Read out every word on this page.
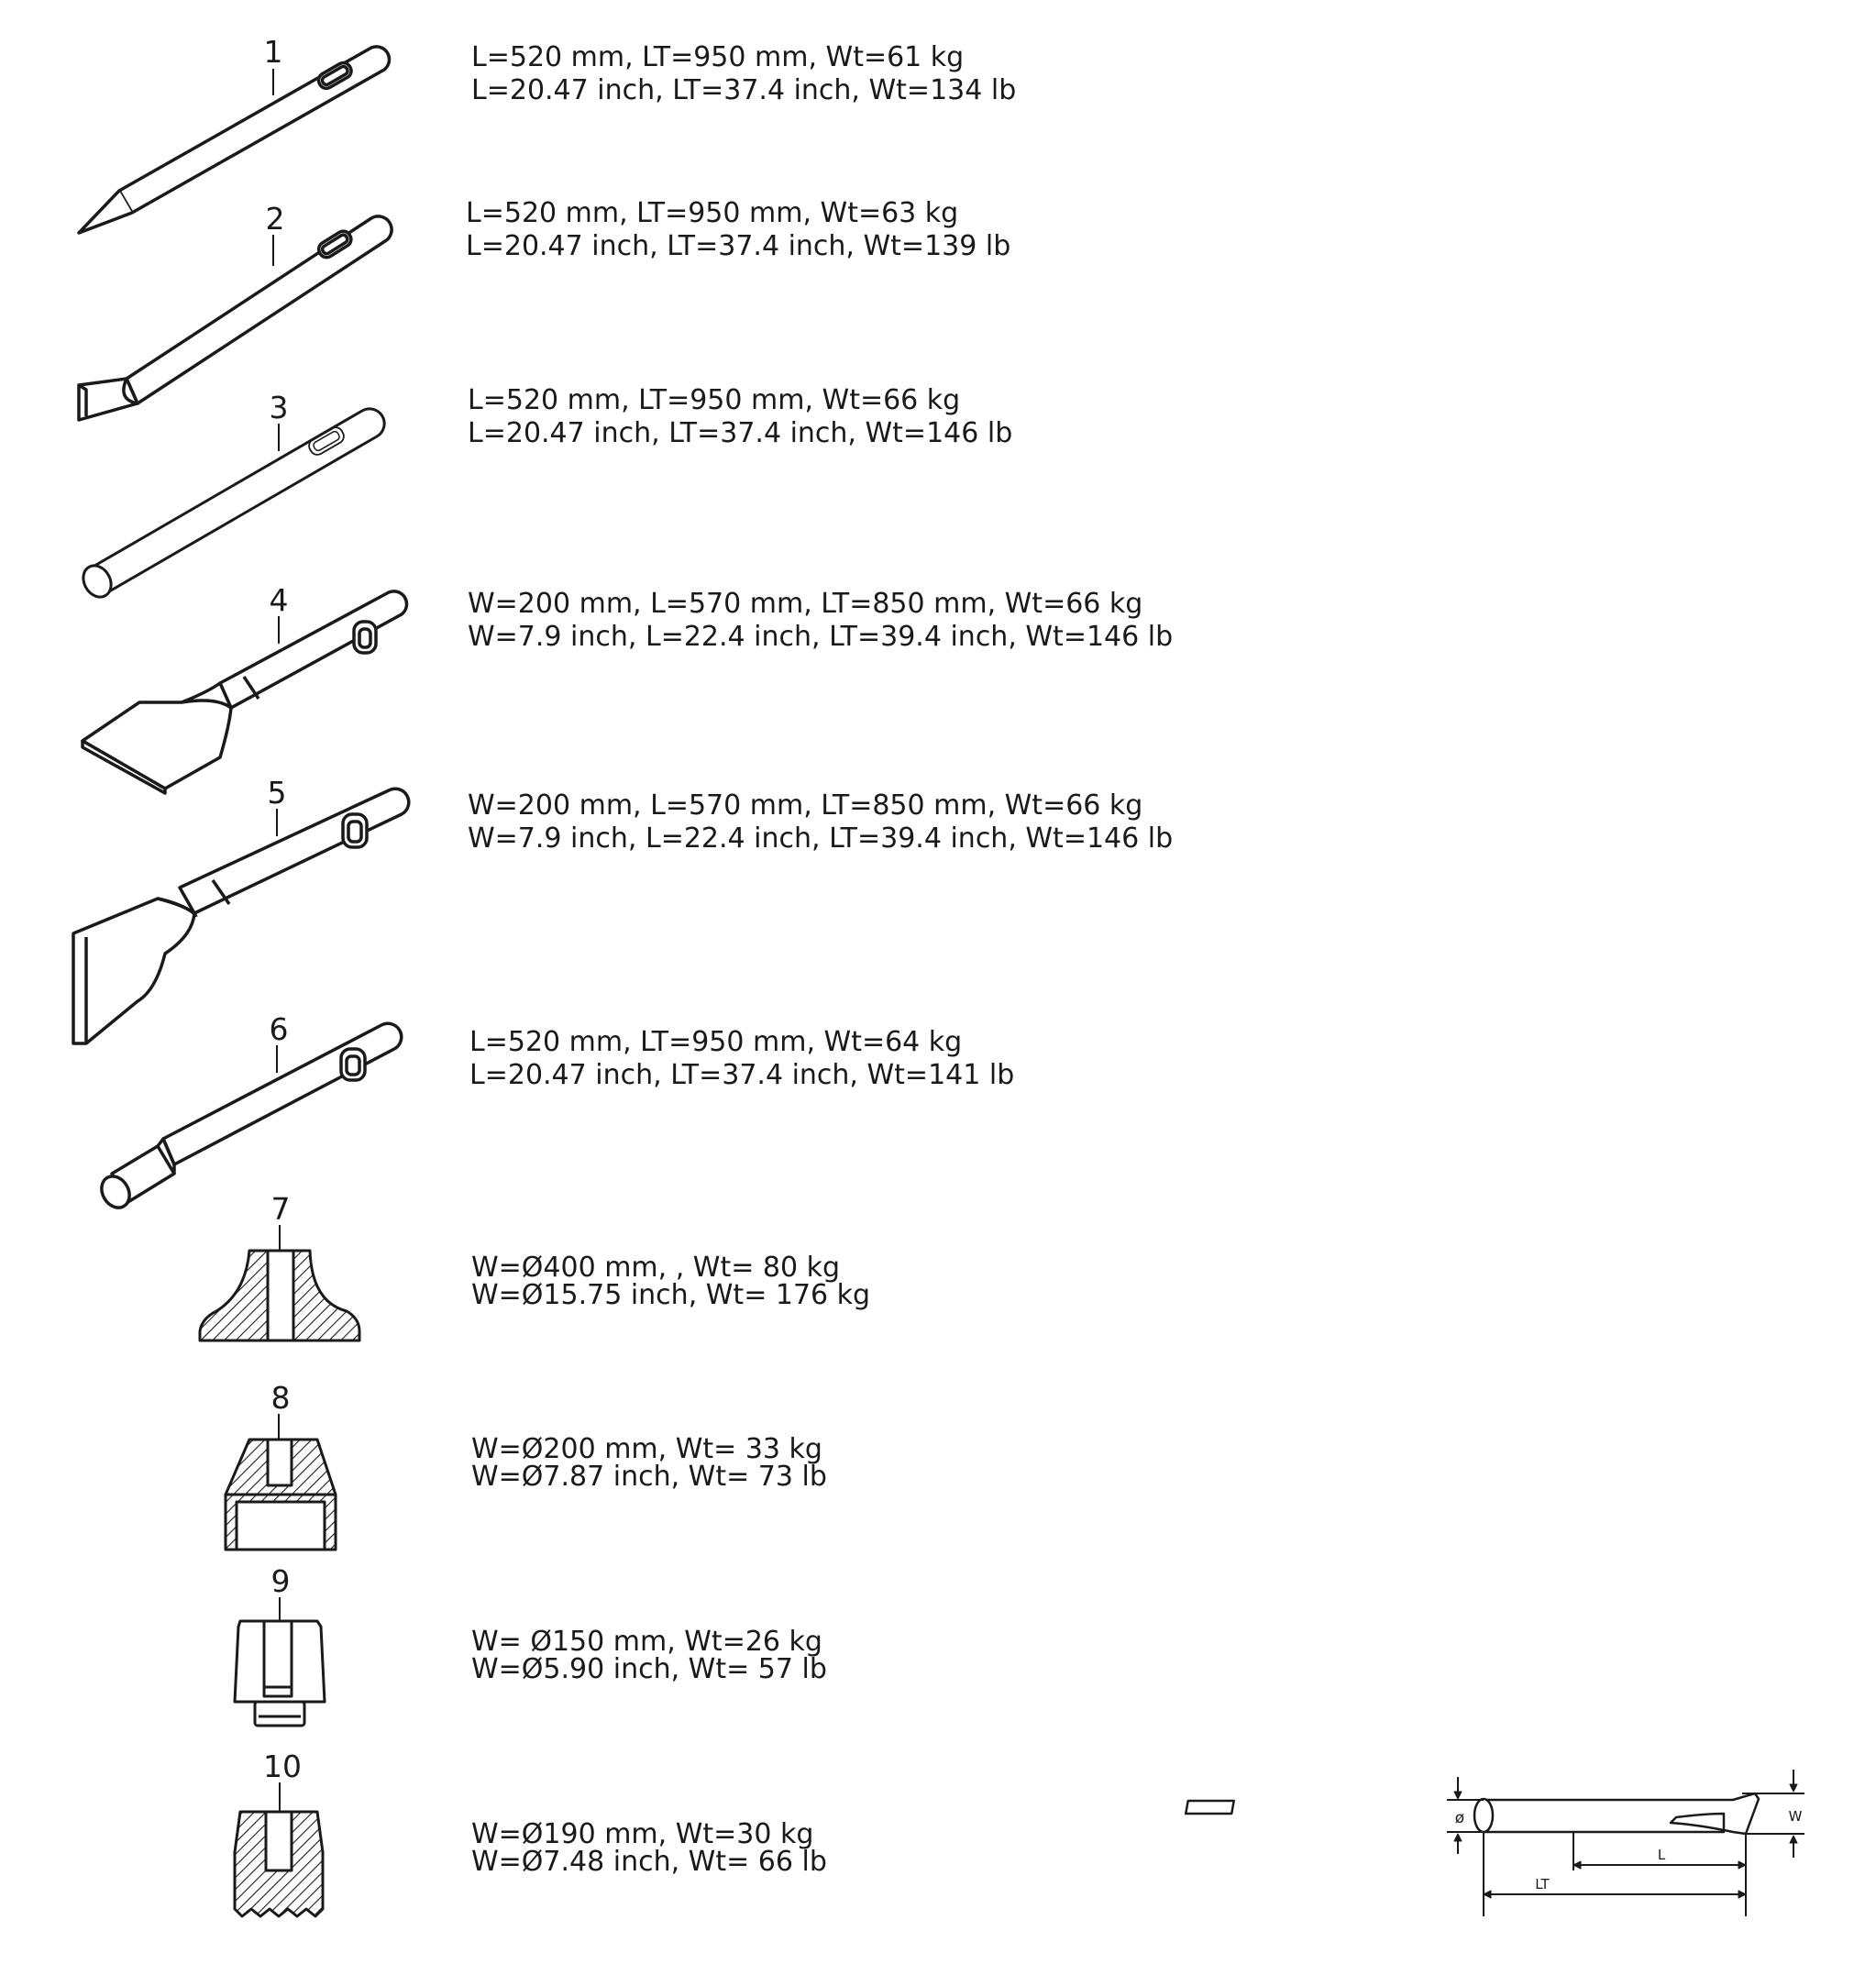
1
2
3
4
5
6
7
8
9
10
L=520 mm, LT=950 mm, Wt=61 kg
L=20.47 inch, LT=37.4 inch, Wt=134 lb
L=520 mm, LT=950 mm, Wt=63 kg
L=20.47 inch, LT=37.4 inch, Wt=139 lb
L=520 mm, LT=950 mm, Wt=66 kg
L=20.47 inch, LT=37.4 inch, Wt=146 lb
W=200 mm, L=570 mm, LT=850 mm, Wt=66 kg
W=7.9 inch, L=22.4 inch, LT=39.4 inch, Wt=146 lb
W=200 mm, L=570 mm, LT=850 mm, Wt=66 kg
W=7.9 inch, L=22.4 inch, LT=39.4 inch, Wt=146 lb
L=520 mm, LT=950 mm, Wt=64 kg
L=20.47 inch, LT=37.4 inch, Wt=141 lb
W=Ø400 mm, , Wt= 80 kg
W=Ø15.75 inch, Wt= 176 kg
W=Ø200 mm, Wt= 33 kg
W=Ø7.87 inch, Wt= 73 lb
W= Ø150 mm, Wt=26 kg
W=Ø5.90 inch, Wt= 57 lb
W=Ø190 mm, Wt=30 kg
W=Ø7.48 inch, Wt= 66 lb
ø	W
L
LT
